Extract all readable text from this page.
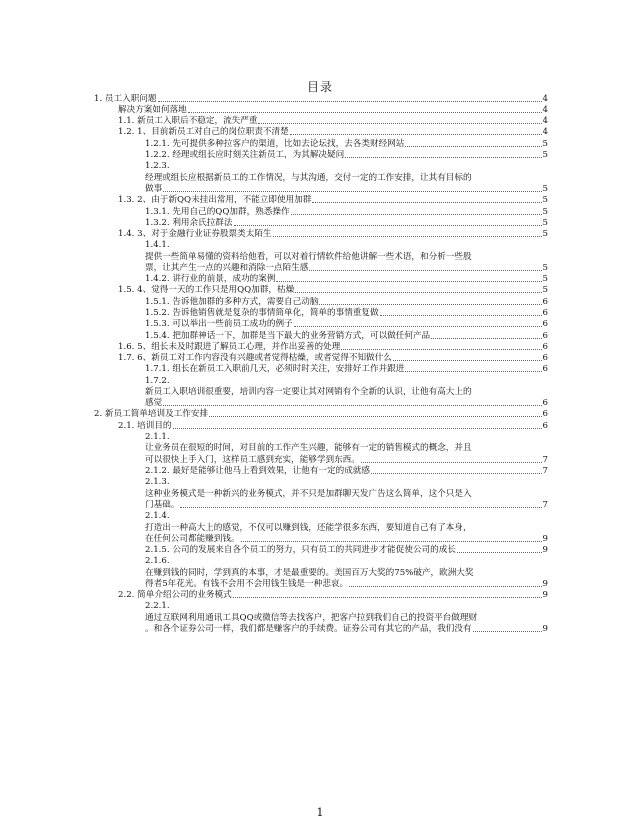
目录
1. 员工入职问题	4
解决方案如何落地	4
1.1. 新员工入职后不稳定，流失严重	4
1.2. 1、目前新员工对自己的岗位职责不清楚	4
1.2.1. 先可提供多种拉客户的渠道，比如去论坛找，去各类财经网站	5
1.2.2. 经理或组长应时刻关注新员工，为其解决疑问	5
1.2.3.
经理或组长应根据新员工的工作情况，与其沟通，交付一定的工作安排，让其有目标的
做事	5
1.3. 2、由于新QQ未挂出常用，不能立即使用加群	5
1.3.1. 先用自己的QQ加群，熟悉操作	5
1.3.2. 利用余氏拉群法	5
1.4. 3、对于金融行业证券股票类太陌生	5
1.4.1.
提供一些简单易懂的资料给他看，可以对着行情软件给他讲解一些术语，和分析一些股
票，让其产生一点的兴趣和消除一点陌生感	5
1.4.2. 讲行业的前景，成功的案例	5
1.5. 4、觉得一天的工作只是用QQ加群，枯燥	5
1.5.1. 告诉他加群的多种方式，需要自己动脑	6
1.5.2. 告诉他销售就是复杂的事情简单化，简单的事情重复做	6
1.5.3. 可以举出一些前员工成功的例子	6
1.5.4. 把加群神话一下，加群是当下最大的业务营销方式，可以做任何产品	6
1.6. 5、组长未及时跟进了解员工心理，并作出妥善的处理	6
1.7. 6、新员工对工作内容没有兴趣或者觉得枯燥，或者觉得不知做什么	6
1.7.1. 组长在新员工入职前几天，必须时时关注，安排好工作并跟进	6
1.7.2.
新员工入职培训很重要，培训内容一定要让其对网销有个全新的认识，让他有高大上的
感觉	6
2. 新员工简单培训及工作安排	6
2.1. 培训目的	6
2.1.1.
让业务员在很短的时间，对目前的工作产生兴趣，能够有一定的销售模式的概念，并且
可以很快上手入门，这样员工感到充实，能够学到东西。	7
2.1.2. 最好是能够让他马上看到效果，让他有一定的成就感	7
2.1.3.
这种业务模式是一种新兴的业务模式，并不只是加群聊天发广告这么简单，这个只是入
门基础。	7
2.1.4.
打造出一种高大上的感觉，不仅可以赚到钱，还能学很多东西，要知道自己有了本身，
在任何公司都能赚到钱。	9
2.1.5. 公司的发展来自各个员工的努力，只有员工的共同进步才能促使公司的成长	9
2.1.6.
在赚到钱的同时，学到真的本事，才是最重要的。美国百万大奖的75%破产，欧洲大奖
得者5年花光。有钱不会用不会用钱生钱是一种悲哀。	9
2.2. 简单介绍公司的业务模式	9
2.2.1.
通过互联网利用通讯工具QQ或微信等去找客户，把客户拉到我们自己的投资平台做理财
。和各个证券公司一样，我们都是赚客户的手续费。证券公司有其它的产品，我们没有	9
1
